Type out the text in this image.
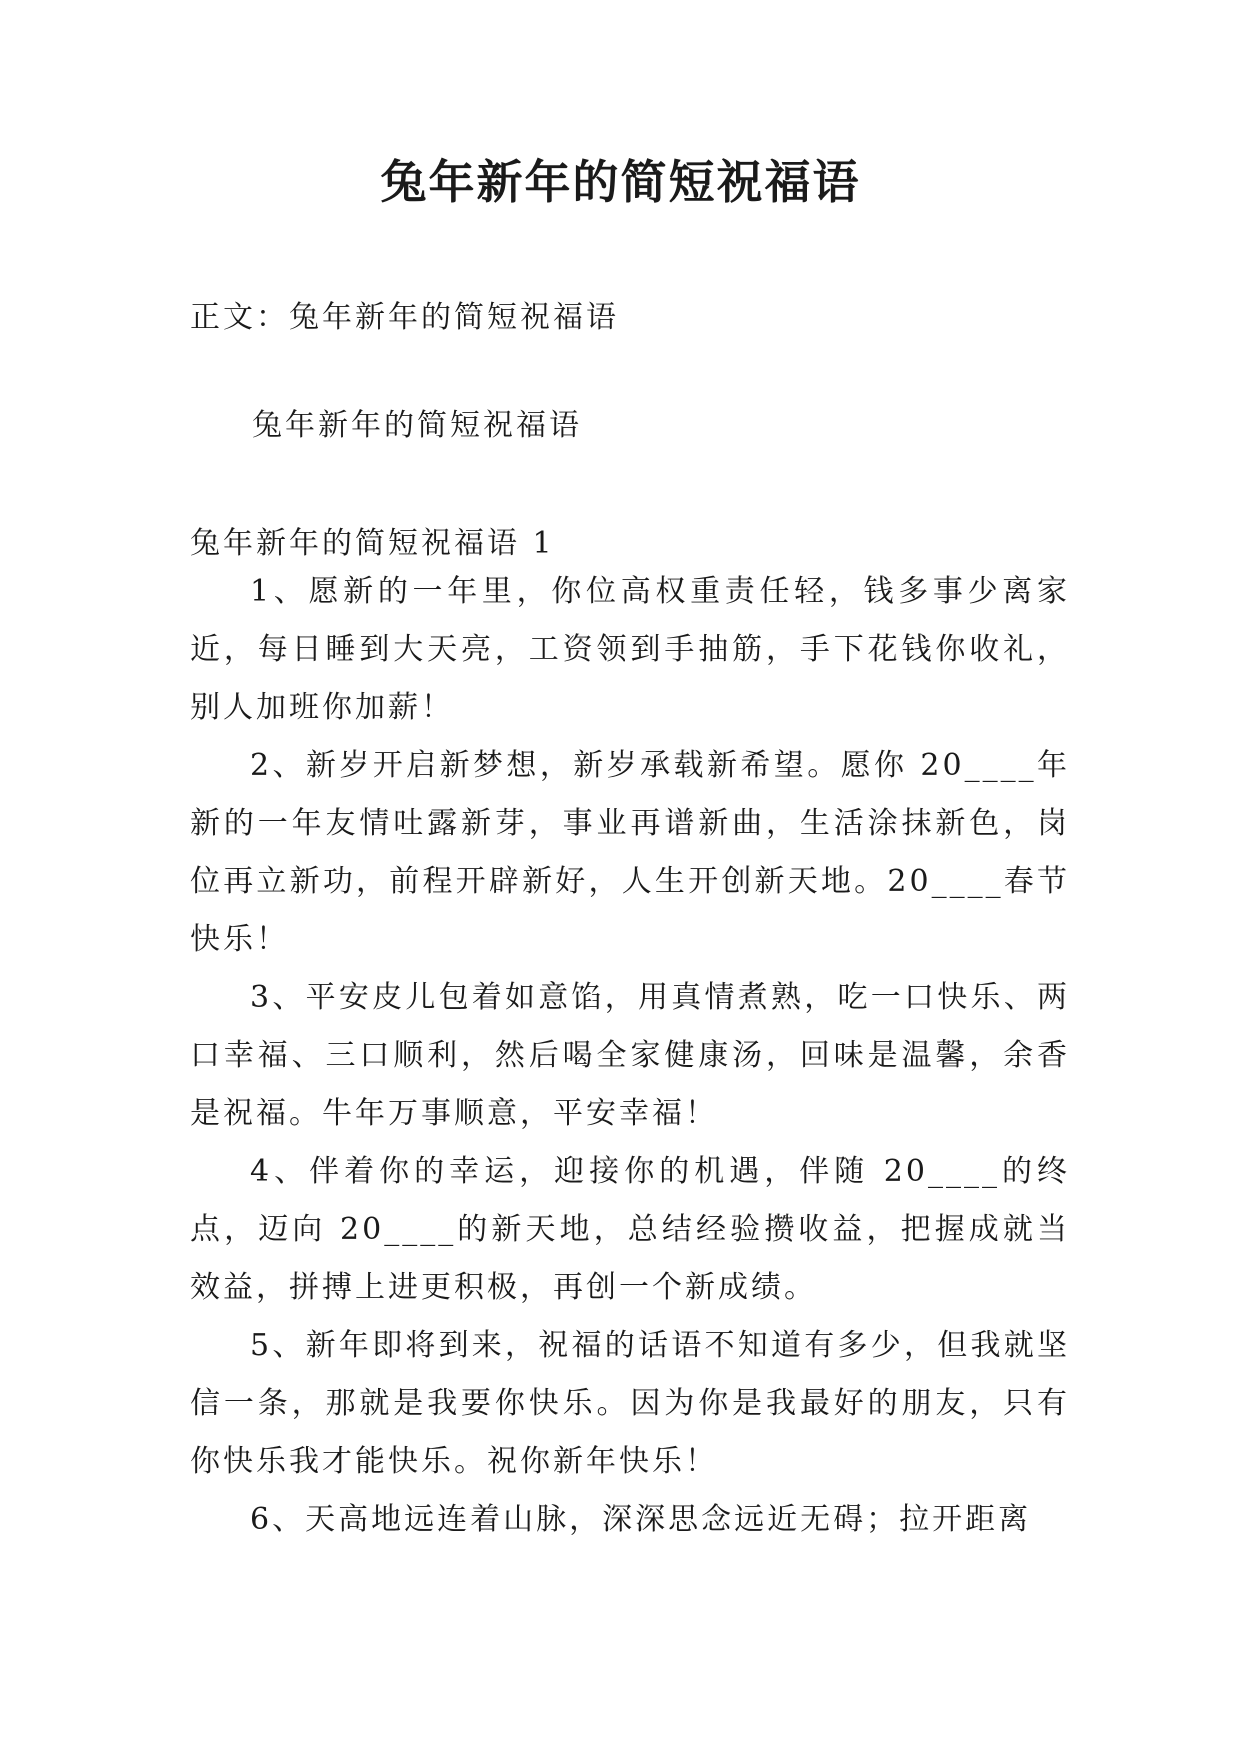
兔年新年的简短祝福语

正文：兔年新年的简短祝福语

兔年新年的简短祝福语

兔年新年的简短祝福语 1

1、愿新的一年里，你位高权重责任轻，钱多事少离家近，每日睡到大天亮，工资领到手抽筋，手下花钱你收礼，别人加班你加薪！

2、新岁开启新梦想，新岁承载新希望。愿你 20____年新的一年友情吐露新芽，事业再谱新曲，生活涂抹新色，岗位再立新功，前程开辟新好，人生开创新天地。20____春节快乐！

3、平安皮儿包着如意馅，用真情煮熟，吃一口快乐、两口幸福、三口顺利，然后喝全家健康汤，回味是温馨，余香是祝福。牛年万事顺意，平安幸福！

4、伴着你的幸运，迎接你的机遇，伴随 20____的终点，迈向 20____的新天地，总结经验攒收益，把握成就当效益，拼搏上进更积极，再创一个新成绩。

5、新年即将到来，祝福的话语不知道有多少，但我就坚信一条，那就是我要你快乐。因为你是我最好的朋友，只有你快乐我才能快乐。祝你新年快乐！

6、天高地远连着山脉，深深思念远近无碍；拉开距离
